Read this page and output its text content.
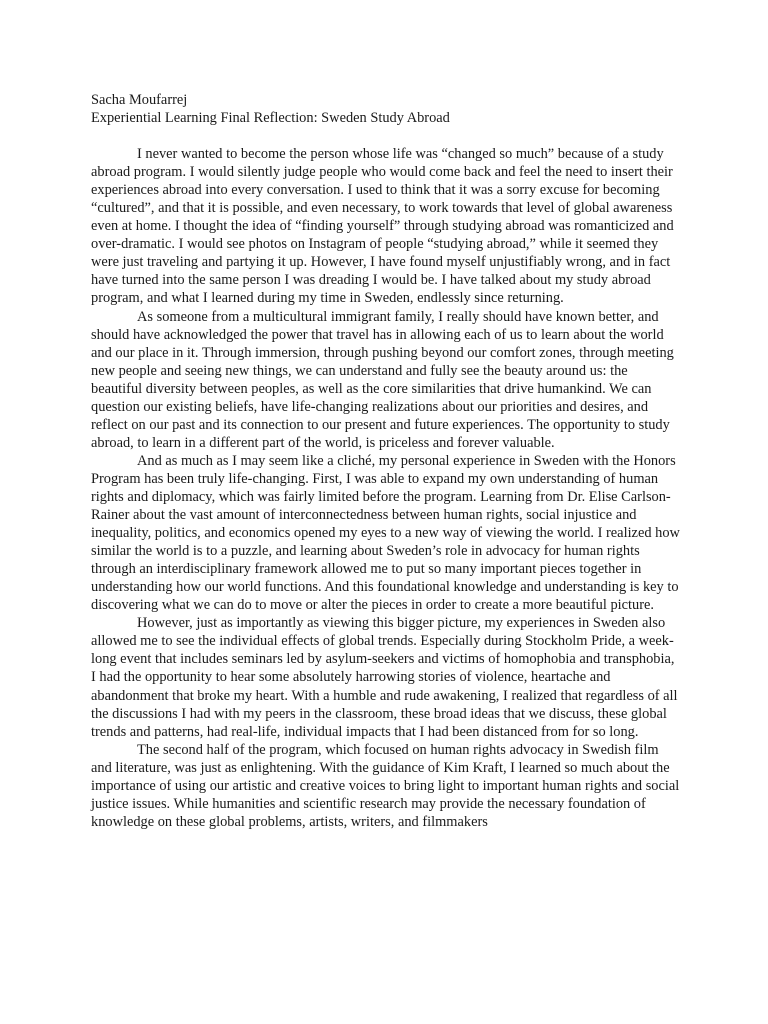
Sacha Moufarrej

Experiential Learning Final Reflection: Sweden Study Abroad

I never wanted to become the person whose life was “changed so much” because of a study abroad program. I would silently judge people who would come back and feel the need to insert their experiences abroad into every conversation. I used to think that it was a sorry excuse for becoming “cultured”, and that it is possible, and even necessary, to work towards that level of global awareness even at home. I thought the idea of “finding yourself” through studying abroad was romanticized and over-dramatic. I would see photos on Instagram of people “studying abroad,” while it seemed they were just traveling and partying it up. However, I have found myself unjustifiably wrong, and in fact have turned into the same person I was dreading I would be. I have talked about my study abroad program, and what I learned during my time in Sweden, endlessly since returning.

As someone from a multicultural immigrant family, I really should have known better, and should have acknowledged the power that travel has in allowing each of us to learn about the world and our place in it. Through immersion, through pushing beyond our comfort zones, through meeting new people and seeing new things, we can understand and fully see the beauty around us: the beautiful diversity between peoples, as well as the core similarities that drive humankind. We can question our existing beliefs, have life-changing realizations about our priorities and desires, and reflect on our past and its connection to our present and future experiences. The opportunity to study abroad, to learn in a different part of the world, is priceless and forever valuable.

And as much as I may seem like a cliché, my personal experience in Sweden with the Honors Program has been truly life-changing. First, I was able to expand my own understanding of human rights and diplomacy, which was fairly limited before the program. Learning from Dr. Elise Carlson-Rainer about the vast amount of interconnectedness between human rights, social injustice and inequality, politics, and economics opened my eyes to a new way of viewing the world. I realized how similar the world is to a puzzle, and learning about Sweden’s role in advocacy for human rights through an interdisciplinary framework allowed me to put so many important pieces together in understanding how our world functions. And this foundational knowledge and understanding is key to discovering what we can do to move or alter the pieces in order to create a more beautiful picture.

However, just as importantly as viewing this bigger picture, my experiences in Sweden also allowed me to see the individual effects of global trends. Especially during Stockholm Pride, a week-long event that includes seminars led by asylum-seekers and victims of homophobia and transphobia, I had the opportunity to hear some absolutely harrowing stories of violence, heartache and abandonment that broke my heart. With a humble and rude awakening, I realized that regardless of all the discussions I had with my peers in the classroom, these broad ideas that we discuss, these global trends and patterns, had real-life, individual impacts that I had been distanced from for so long.

The second half of the program, which focused on human rights advocacy in Swedish film and literature, was just as enlightening. With the guidance of Kim Kraft, I learned so much about the importance of using our artistic and creative voices to bring light to important human rights and social justice issues. While humanities and scientific research may provide the necessary foundation of knowledge on these global problems, artists, writers, and filmmakers
